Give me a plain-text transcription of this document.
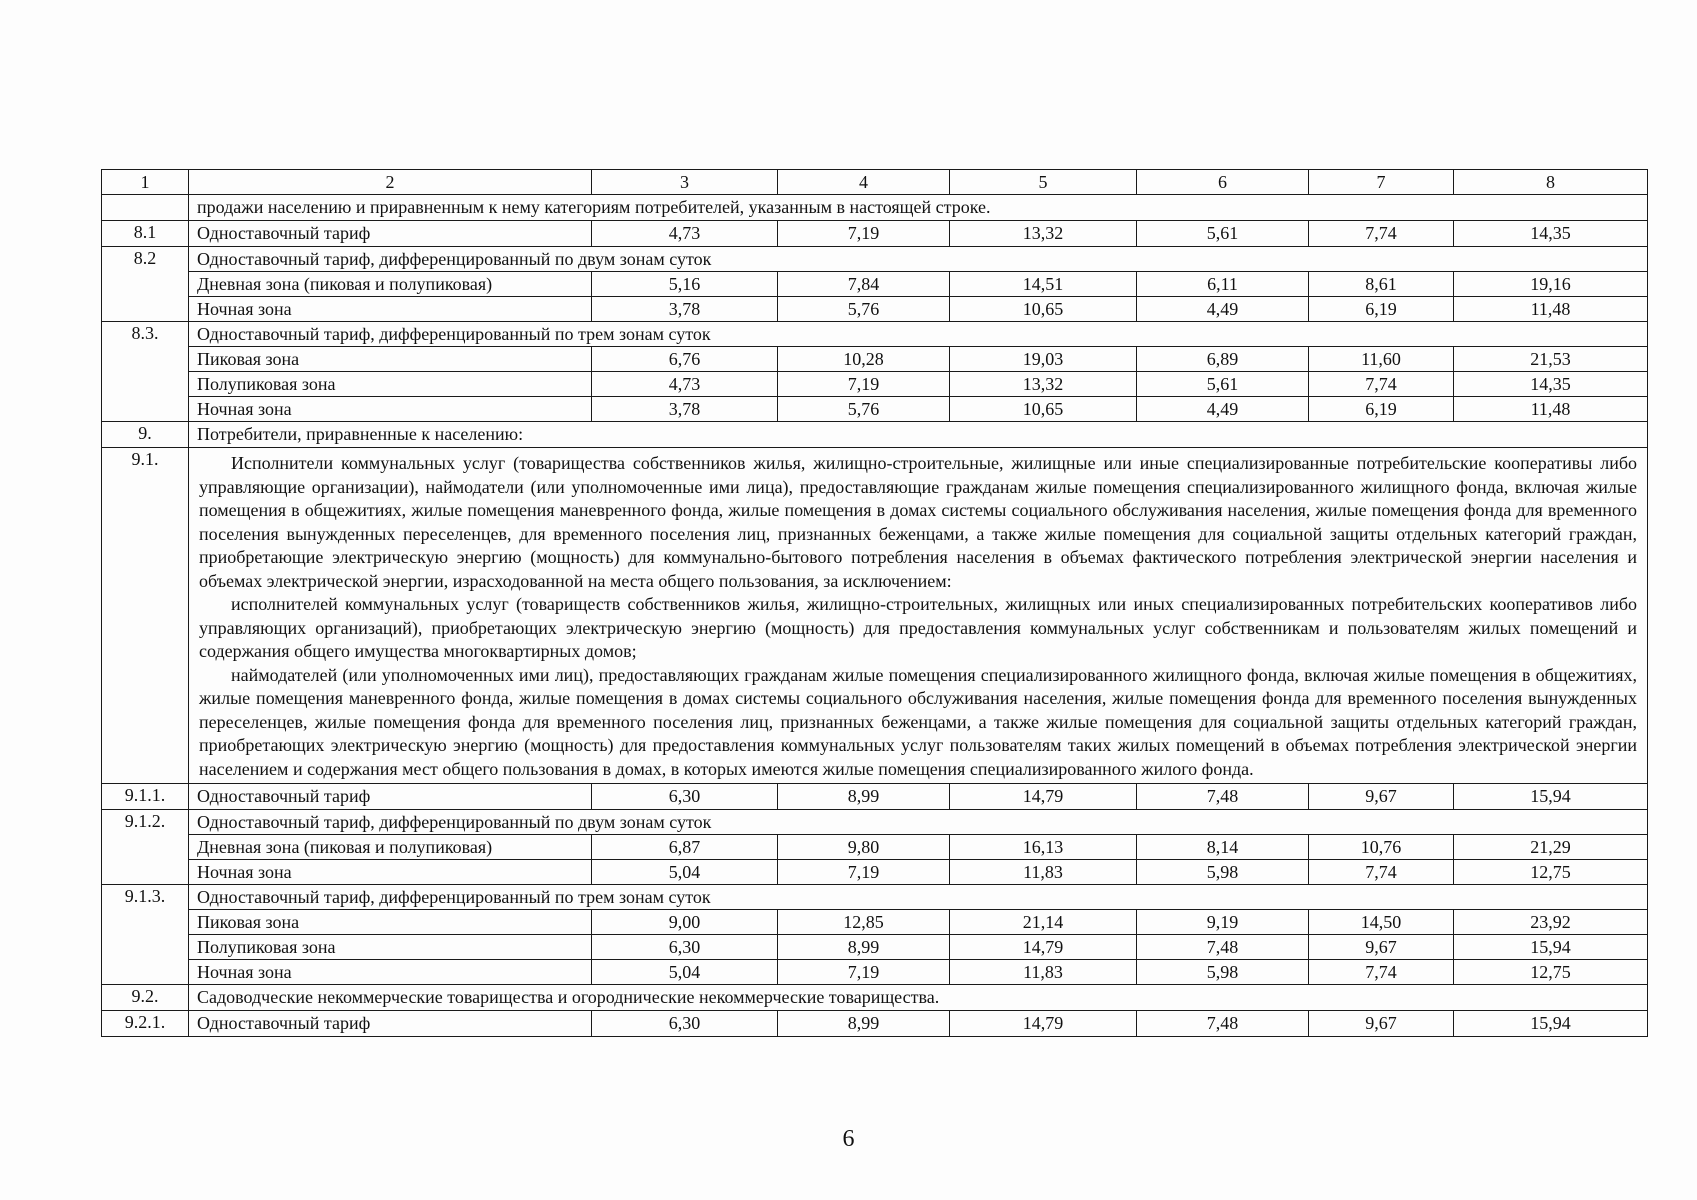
1	2	3	4	5	6	7	8
	продажи населению и приравненным к нему категориям потребителей, указанным в настоящей строке.						
8.1	Одноставочный тариф	4,73	7,19	13,32	5,61	7,74	14,35
8.2	Одноставочный тариф, дифференцированный по двум зонам суток						
	Дневная зона (пиковая и полупиковая)	5,16	7,84	14,51	6,11	8,61	19,16
	Ночная зона	3,78	5,76	10,65	4,49	6,19	11,48
8.3.	Одноставочный тариф, дифференцированный по трем зонам суток						
	Пиковая зона	6,76	10,28	19,03	6,89	11,60	21,53
	Полупиковая зона	4,73	7,19	13,32	5,61	7,74	14,35
	Ночная зона	3,78	5,76	10,65	4,49	6,19	11,48
9.	Потребители, приравненные к населению:						
9.1.	Исполнители коммунальных услуг (товарищества собственников жилья, жилищно-строительные, жилищные или иные специализированные потребительские кооперативы либо управляющие организации), наймодатели (или уполномоченные ими лица), предоставляющие гражданам жилые помещения специализированного жилищного фонда, включая жилые помещения в общежитиях, жилые помещения маневренного фонда, жилые помещения в домах системы социального обслуживания населения, жилые помещения фонда для временного поселения вынужденных переселенцев, для временного поселения лиц, признанных беженцами, а также жилые помещения для социальной защиты отдельных категорий граждан, приобретающие электрическую энергию (мощность) для коммунально-бытового потребления населения в объемах фактического потребления электрической энергии населения и объемах электрической энергии, израсходованной на места общего пользования, за исключением:

исполнителей коммунальных услуг (товариществ собственников жилья, жилищно-строительных, жилищных или иных специализированных потребительских кооперативов либо управляющих организаций), приобретающих электрическую энергию (мощность) для предоставления коммунальных услуг собственникам и пользователям жилых помещений и содержания общего имущества многоквартирных домов;

наймодателей (или уполномоченных ими лиц), предоставляющих гражданам жилые помещения специализированного жилищного фонда, включая жилые помещения в общежитиях, жилые помещения маневренного фонда, жилые помещения в домах системы социального обслуживания населения, жилые помещения фонда для временного поселения вынужденных переселенцев, жилые помещения фонда для временного поселения лиц, признанных беженцами, а также жилые помещения для социальной защиты отдельных категорий граждан, приобретающих электрическую энергию (мощность) для предоставления коммунальных услуг пользователям таких жилых помещений в объемах потребления электрической энергии населением и содержания мест общего пользования в домах, в которых имеются жилые помещения специализированного жилого фонда.						

9.1.1.	Одноставочный тариф	6,30	8,99	14,79	7,48	9,67	15,94
9.1.2.	Одноставочный тариф, дифференцированный по двум зонам суток						
	Дневная зона (пиковая и полупиковая)	6,87	9,80	16,13	8,14	10,76	21,29
	Ночная зона	5,04	7,19	11,83	5,98	7,74	12,75
9.1.3.	Одноставочный тариф, дифференцированный по трем зонам суток						
	Пиковая зона	9,00	12,85	21,14	9,19	14,50	23,92
	Полупиковая зона	6,30	8,99	14,79	7,48	9,67	15,94
	Ночная зона	5,04	7,19	11,83	5,98	7,74	12,75
9.2.	Садоводческие некоммерческие товарищества и огороднические некоммерческие товарищества.						
9.2.1.	Одноставочный тариф	6,30	8,99	14,79	7,48	9,67	15,94
6
